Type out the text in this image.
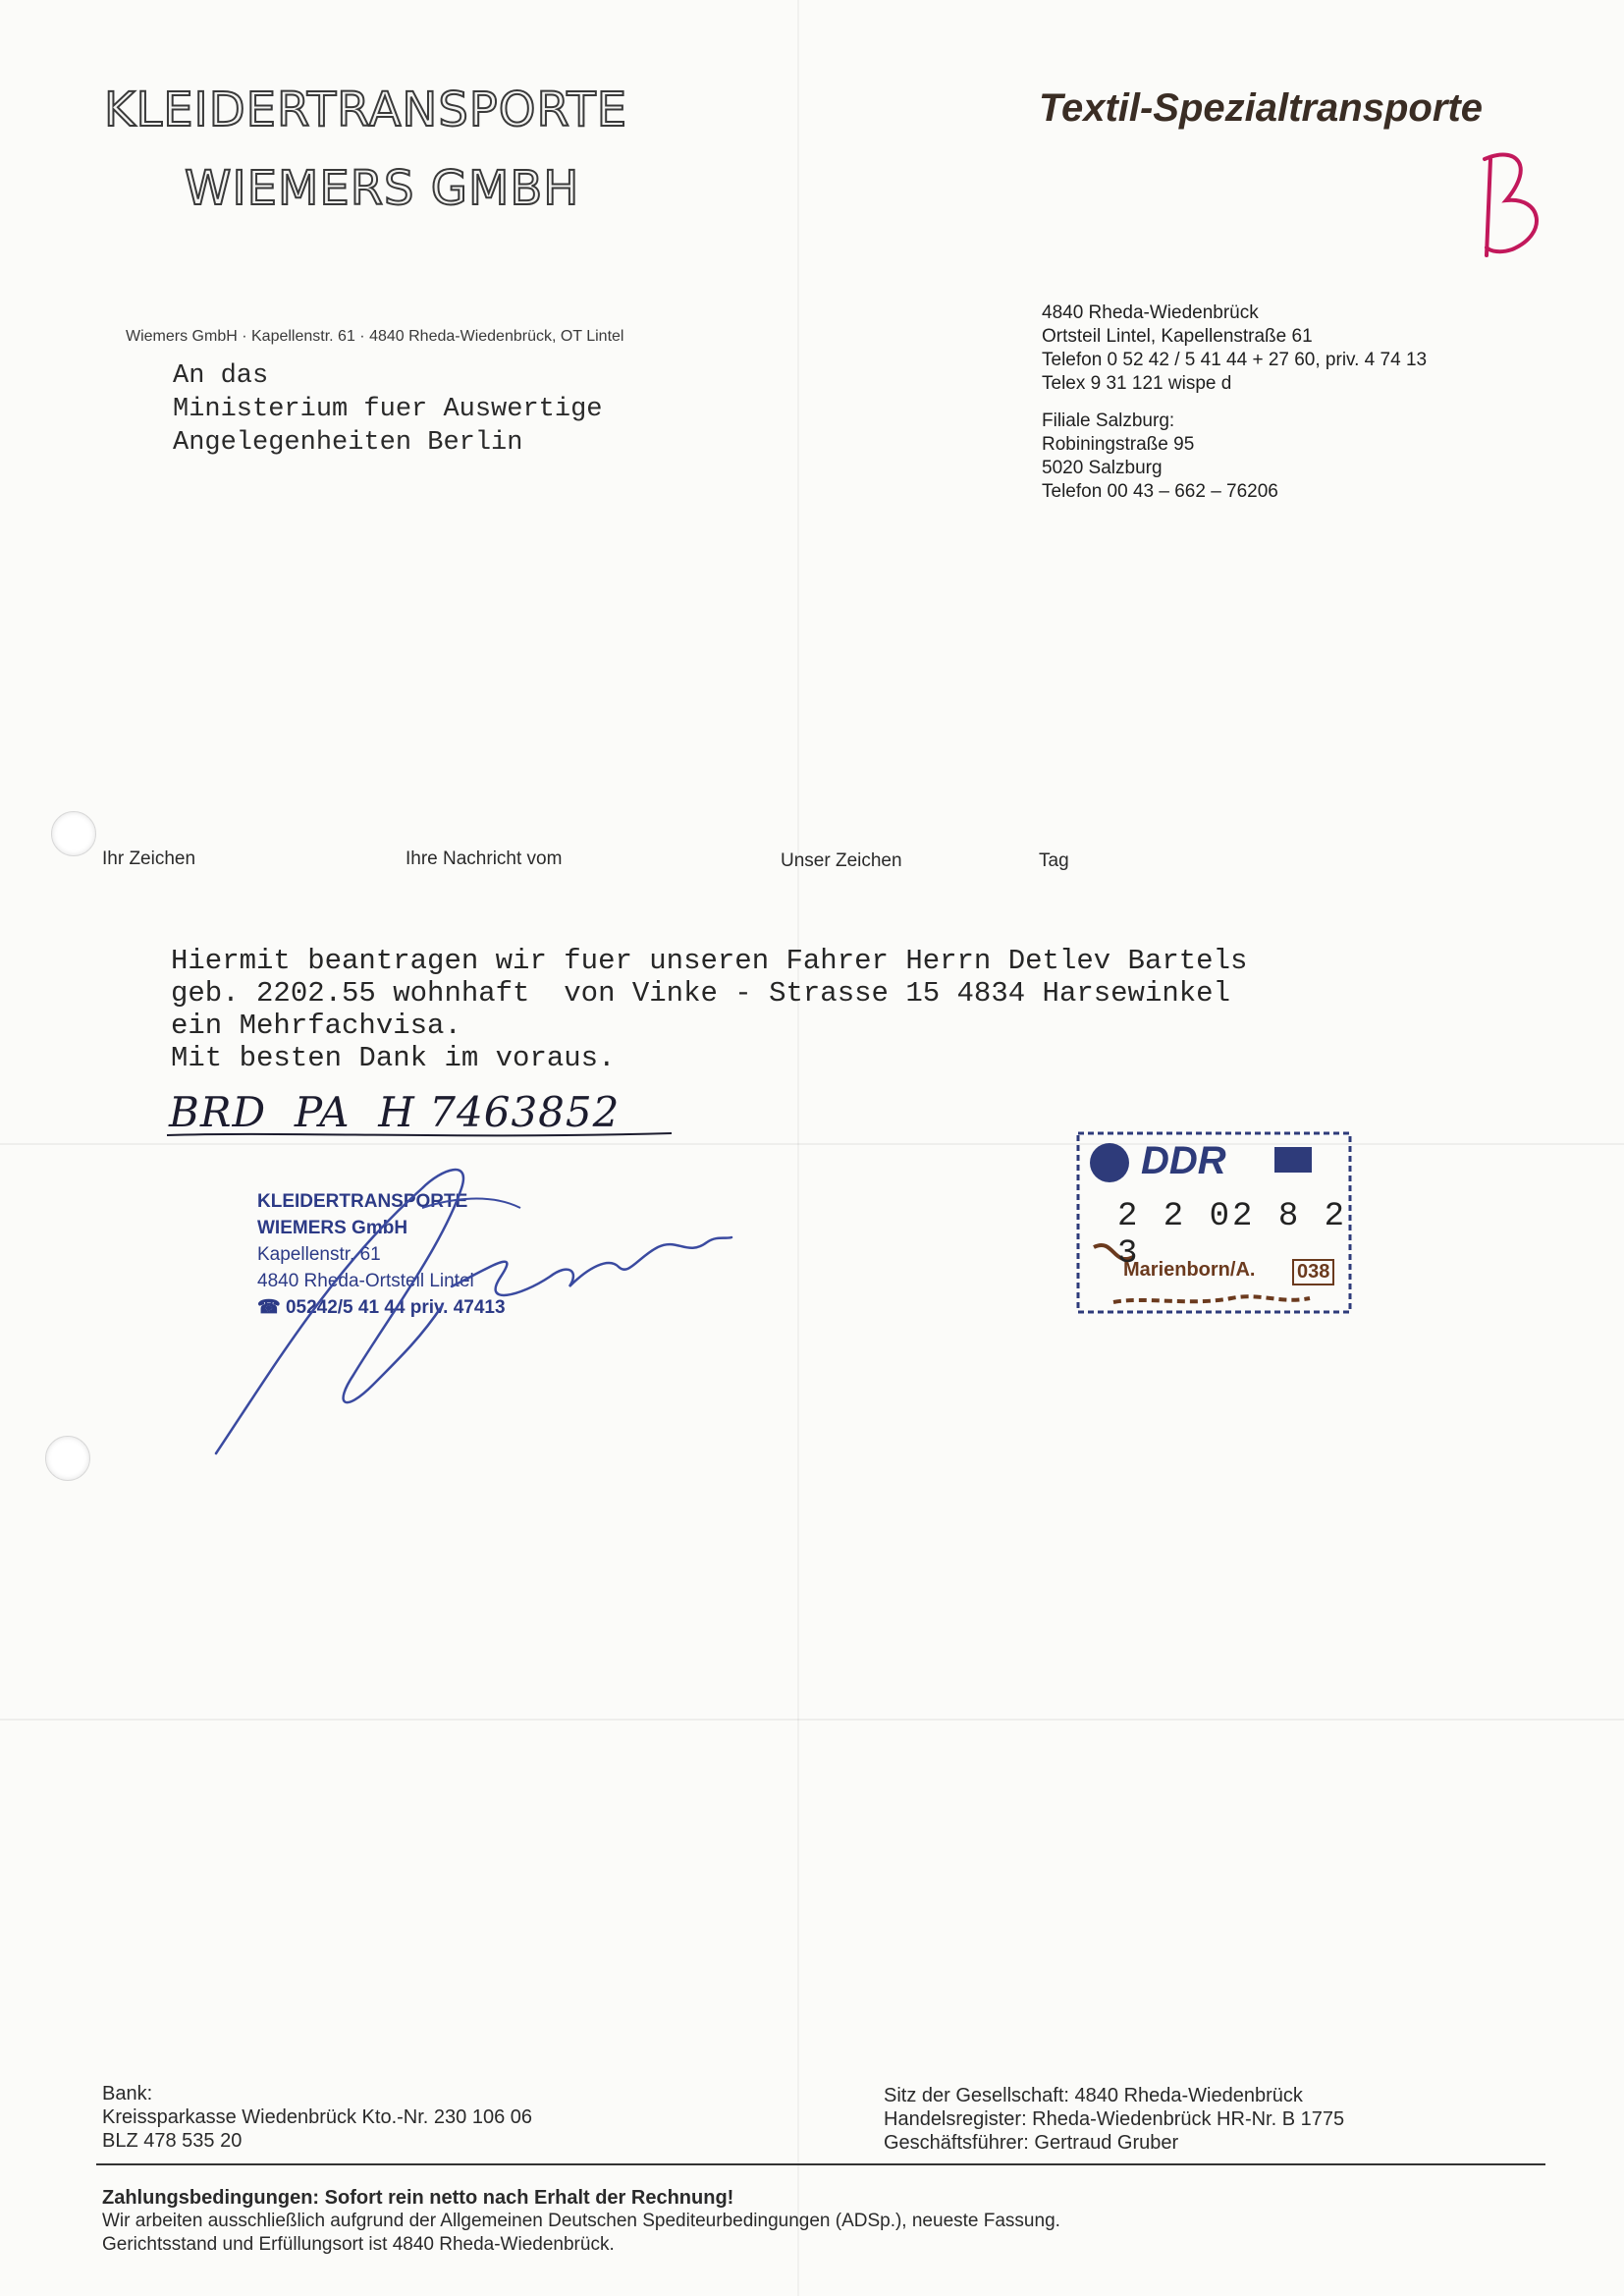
KLEIDERTRANSPORTE
WIEMERS GMBH
Textil-Spezialtransporte
Wiemers GmbH · Kapellenstr. 61 · 4840 Rheda-Wiedenbrück, OT Lintel
An das
Ministerium fuer Auswertige
Angelegenheiten Berlin
4840 Rheda-Wiedenbrück
Ortsteil Lintel, Kapellenstraße 61
Telefon 0 52 42 / 5 41 44 + 27 60, priv. 4 74 13
Telex 9 31 121 wispe d
Filiale Salzburg:
Robiningstraße 95
5020 Salzburg
Telefon 00 43 – 662 – 76206
Ihr Zeichen	Ihre Nachricht vom	Unser Zeichen	Tag
Hiermit beantragen wir fuer unseren Fahrer Herrn Detlev Bartels
geb. 2202.55 wohnhaft  von Vinke - Strasse 15 4834 Harsewinkel
ein Mehrfachvisa.
Mit besten Dank im voraus.
BRD  PA  H 7463852
KLEIDERTRANSPORTE
WIEMERS GmbH
Kapellenstr. 61
4840 Rheda-Ortsteil Lintel
☎ 05242/5 41 44 priv. 47413
DDR
2 2 02 8 2 3
Marienborn/A. 038
Bank:
Kreissparkasse Wiedenbrück Kto.-Nr. 230 106 06
BLZ 478 535 20
Sitz der Gesellschaft: 4840 Rheda-Wiedenbrück
Handelsregister: Rheda-Wiedenbrück HR-Nr. B 1775
Geschäftsführer: Gertraud Gruber
Zahlungsbedingungen: Sofort rein netto nach Erhalt der Rechnung!
Wir arbeiten ausschließlich aufgrund der Allgemeinen Deutschen Spediteurbedingungen (ADSp.), neueste Fassung.
Gerichtsstand und Erfüllungsort ist 4840 Rheda-Wiedenbrück.
